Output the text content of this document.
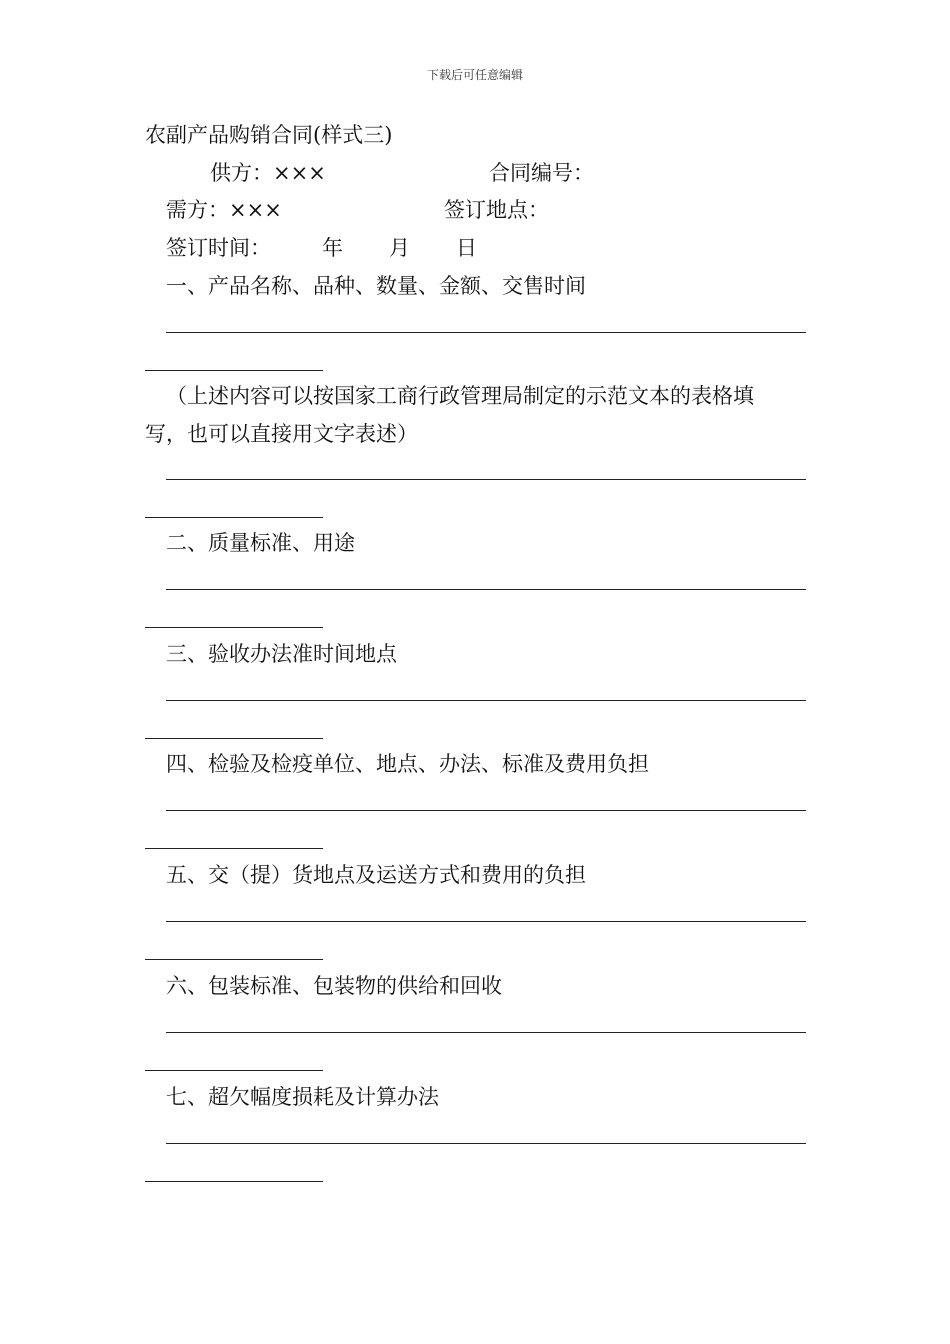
下载后可任意编辑
农副产品购销合同(样式三)
供方：×××	合同编号：
需方：×××	签订地点：
签订时间： 年 月 日
一、产品名称、品种、数量、金额、交售时间
（上述内容可以按国家工商行政管理局制定的示范文本的表格填
写，也可以直接用文字表述）
二、质量标准、用途
三、验收办法准时间地点
四、检验及检疫单位、地点、办法、标准及费用负担
五、交（提）货地点及运送方式和费用的负担
六、包装标准、包装物的供给和回收
七、超欠幅度损耗及计算办法
